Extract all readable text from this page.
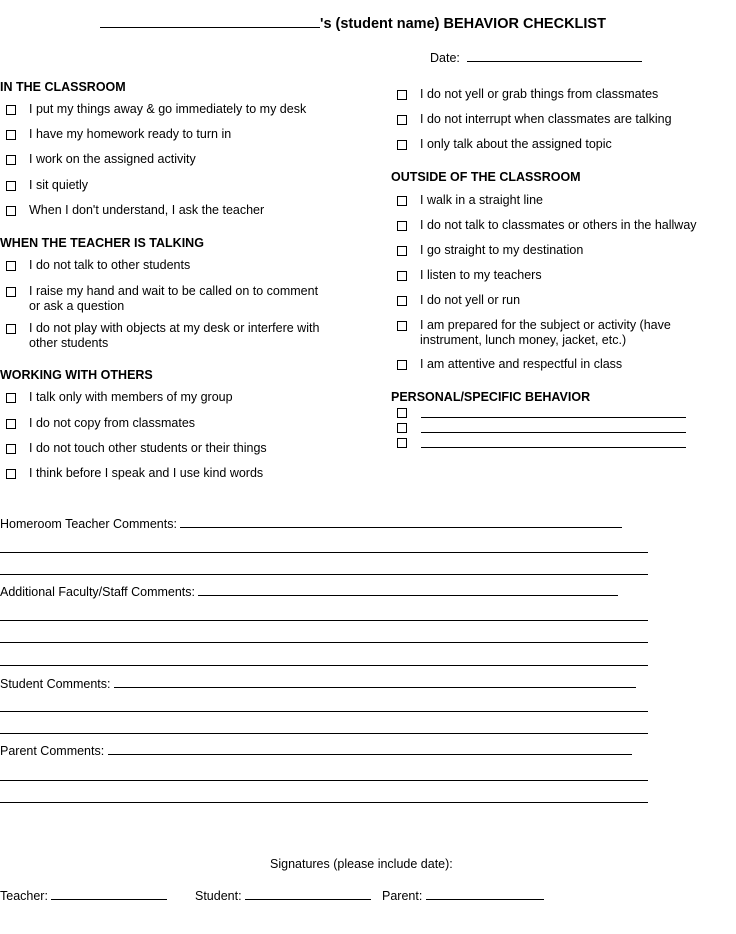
's (student name) BEHAVIOR CHECKLIST
Date:
IN THE CLASSROOM
I put my things away & go immediately to my desk
I have my homework ready to turn in
I work on the assigned activity
I sit quietly
When I don't understand, I ask the teacher
WHEN THE TEACHER IS TALKING
I do not talk to other students
I raise my hand and wait to be called on to comment
or ask a question
I do not play with objects at my desk or interfere with
other students
WORKING WITH OTHERS
I talk only with members of my group
I do not copy from classmates
I do not touch other students or their things
I think before I speak and I use kind words
I do not yell or grab things from classmates
I do not interrupt when classmates are talking
I only talk about the assigned topic
OUTSIDE OF THE CLASSROOM
I walk in a straight line
I do not talk to classmates or others in the hallway
I go straight to my destination
I listen to my teachers
I do not yell or run
I am prepared for the subject or activity (have
instrument, lunch money, jacket, etc.)
I am attentive and respectful in class
PERSONAL/SPECIFIC BEHAVIOR
Homeroom Teacher Comments:
Additional Faculty/Staff Comments:
Student Comments:
Parent Comments:
Signatures (please include date):
Teacher:	Student:	Parent:
